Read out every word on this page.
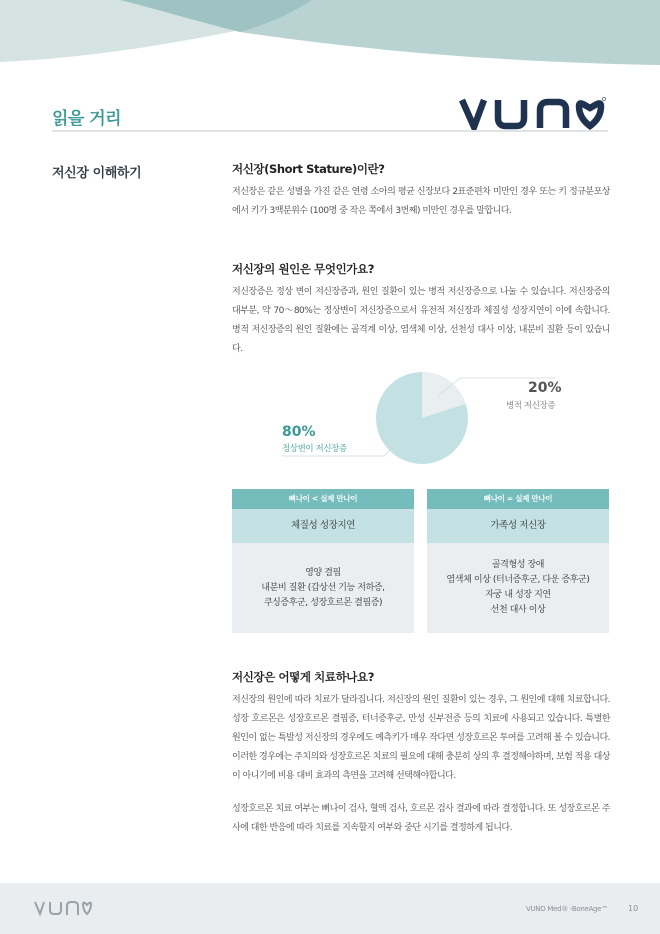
읽을 거리
저신장 이해하기	저신장(Short Stature)이란?
저신장은 같은 성별을 가진 같은 연령 소아의 평균 신장보다 2표준편차 미만인 경우 또는 키 정규분포상에서 키가 3백분위수 (100명 중 작은 쪽에서 3번째) 미만인 경우를 말합니다.
저신장의 원인은 무엇인가요?
저신장증은 정상 변이 저신장증과, 원인 질환이 있는 병적 저신장증으로 나눌 수 있습니다. 저신장증의 대부분, 약 70～80%는 정상변이 저신장증으로서 유전적 저신장과 체질성 성장지연이 이에 속합니다. 병적 저신장증의 원인 질환에는 골격계 이상, 염색체 이상, 선천성 대사 이상, 내분비 질환 등이 있습니다.
20%
병적 저신장증
80%
정상변이 저신장증
뼈나이 < 실제 만나이
체질성 성장지연
영양 결핍
내분비 질환 (갑상선 기능 저하증,
쿠싱증후군, 성장호르몬 결핍증)
뼈나이 = 실제 만나이
가족성 저신장
골격형성 장애
염색체 이상 (터너증후군, 다운 증후군)
자궁 내 성장 지연
선천 대사 이상
저신장은 어떻게 치료하나요?
저신장의 원인에 따라 치료가 달라집니다. 저신장의 원인 질환이 있는 경우, 그 원인에 대해 치료합니다. 성장 호르몬은 성장호르몬 결핍증, 터너증후군, 만성 신부전증 등의 치료에 사용되고 있습니다. 특별한 원인이 없는 특발성 저신장의 경우에도 예측키가 매우 작다면 성장호르몬 투여를 고려해 볼 수 있습니다. 이러한 경우에는 주치의와 성장호르몬 치료의 필요에 대해 충분히 상의 후 결정해야하며, 보험 적용 대상이 아니기에 비용 대비 효과의 측면을 고려해 선택해야합니다.
성장호르몬 치료 여부는 뼈나이 검사, 혈액 검사, 호르몬 검사 결과에 따라 결정합니다. 또 성장호르몬 주사에 대한 반응에 따라 치료를 지속할지 여부와 중단 시기를 결정하게 됩니다.
VUNO Med® -BoneAge™	10
